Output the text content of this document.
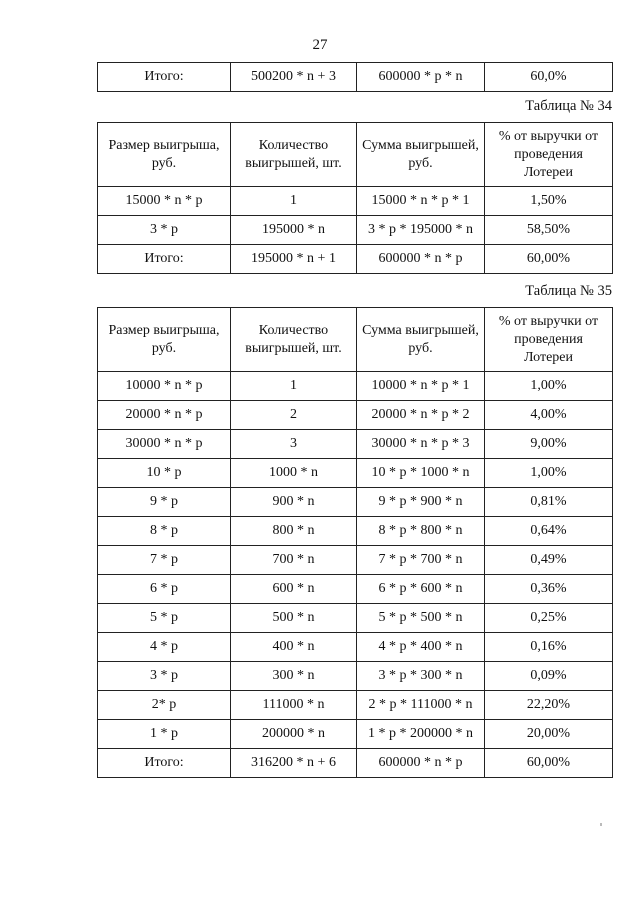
27
Итого:	500200 * n + 3	600000 * p * n	60,0%
Таблица № 34
Размер выигрыша, руб.	Количество выигрышей, шт.	Сумма выигрышей, руб.	% от выручки от проведения Лотереи
15000 * n * p	1	15000 * n * p * 1	1,50%
3 * p	195000 * n	3 * p * 195000 * n	58,50%
Итого:	195000 * n + 1	600000 * n * p	60,00%
Таблица № 35
Размер выигрыша, руб.	Количество выигрышей, шт.	Сумма выигрышей, руб.	% от выручки от проведения Лотереи
10000 * n * p	1	10000 * n * p * 1	1,00%
20000 * n * p	2	20000 * n * p * 2	4,00%
30000 * n * p	3	30000 * n * p * 3	9,00%
10 * p	1000 * n	10 * p * 1000 * n	1,00%
9 * p	900 * n	9 * p * 900 * n	0,81%
8 * p	800 * n	8 * p * 800 * n	0,64%
7 * p	700 * n	7 * p * 700 * n	0,49%
6 * p	600 * n	6 * p * 600 * n	0,36%
5 * p	500 * n	5 * p * 500 * n	0,25%
4 * p	400 * n	4 * p * 400 * n	0,16%
3 * p	300 * n	3 * p * 300 * n	0,09%
2* p	111000 * n	2 * p * 111000 * n	22,20%
1 * p	200000 * n	1 * p * 200000 * n	20,00%
Итого:	316200 * n + 6	600000 * n * p	60,00%
